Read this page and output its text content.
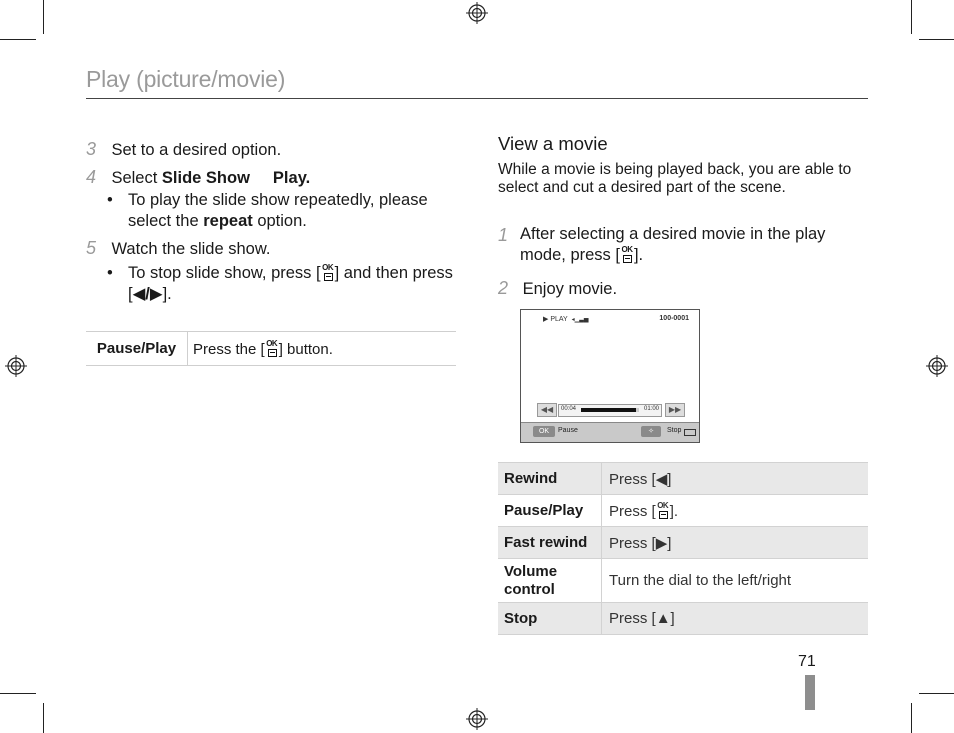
Play (picture/movie)
3 Set to a desired option.
4 Select Slide Show Play.
• To play the slide show repeatedly, please select the repeat option.
5 Watch the slide show.
• To stop slide show, press [ OK ] and then press [◀/▶].
Pause/Play	Press the [ OK ] button.
View a movie
While a movie is being played back, you are able to select and cut a desired part of the scene.
1 After selecting a desired movie in the play mode, press [ OK ].
2 Enjoy movie.
▶ PLAY ◂▁▃▅	100-0001
◀◀	00:04	01:00	▶▶
OK	Pause	✧	Stop
Rewind	Press [◀]
Pause/Play	Press [ OK ].
Fast rewind	Press [▶]
Volume control	Turn the dial to the left/right
Stop	Press [▲]
71
